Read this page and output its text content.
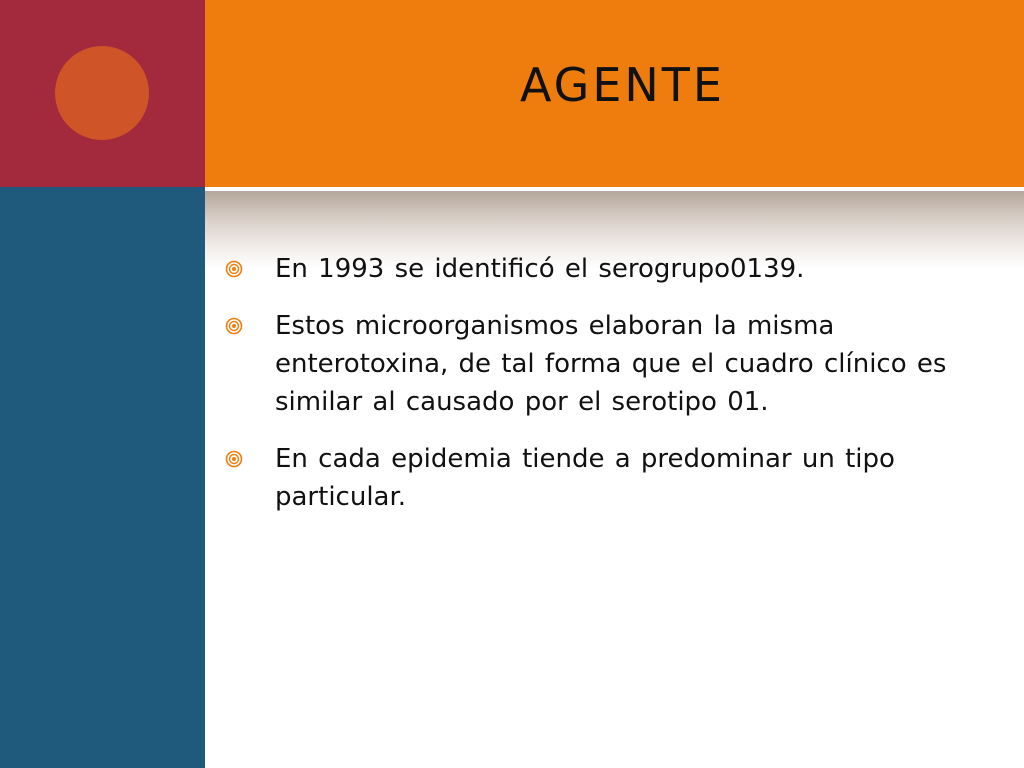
AGENTE
En 1993 se identificó el serogrupo0139.
Estos microorganismos elaboran la misma enterotoxina, de tal forma que el cuadro clínico es similar al causado por el serotipo 01.
En cada epidemia tiende a predominar un tipo particular.
